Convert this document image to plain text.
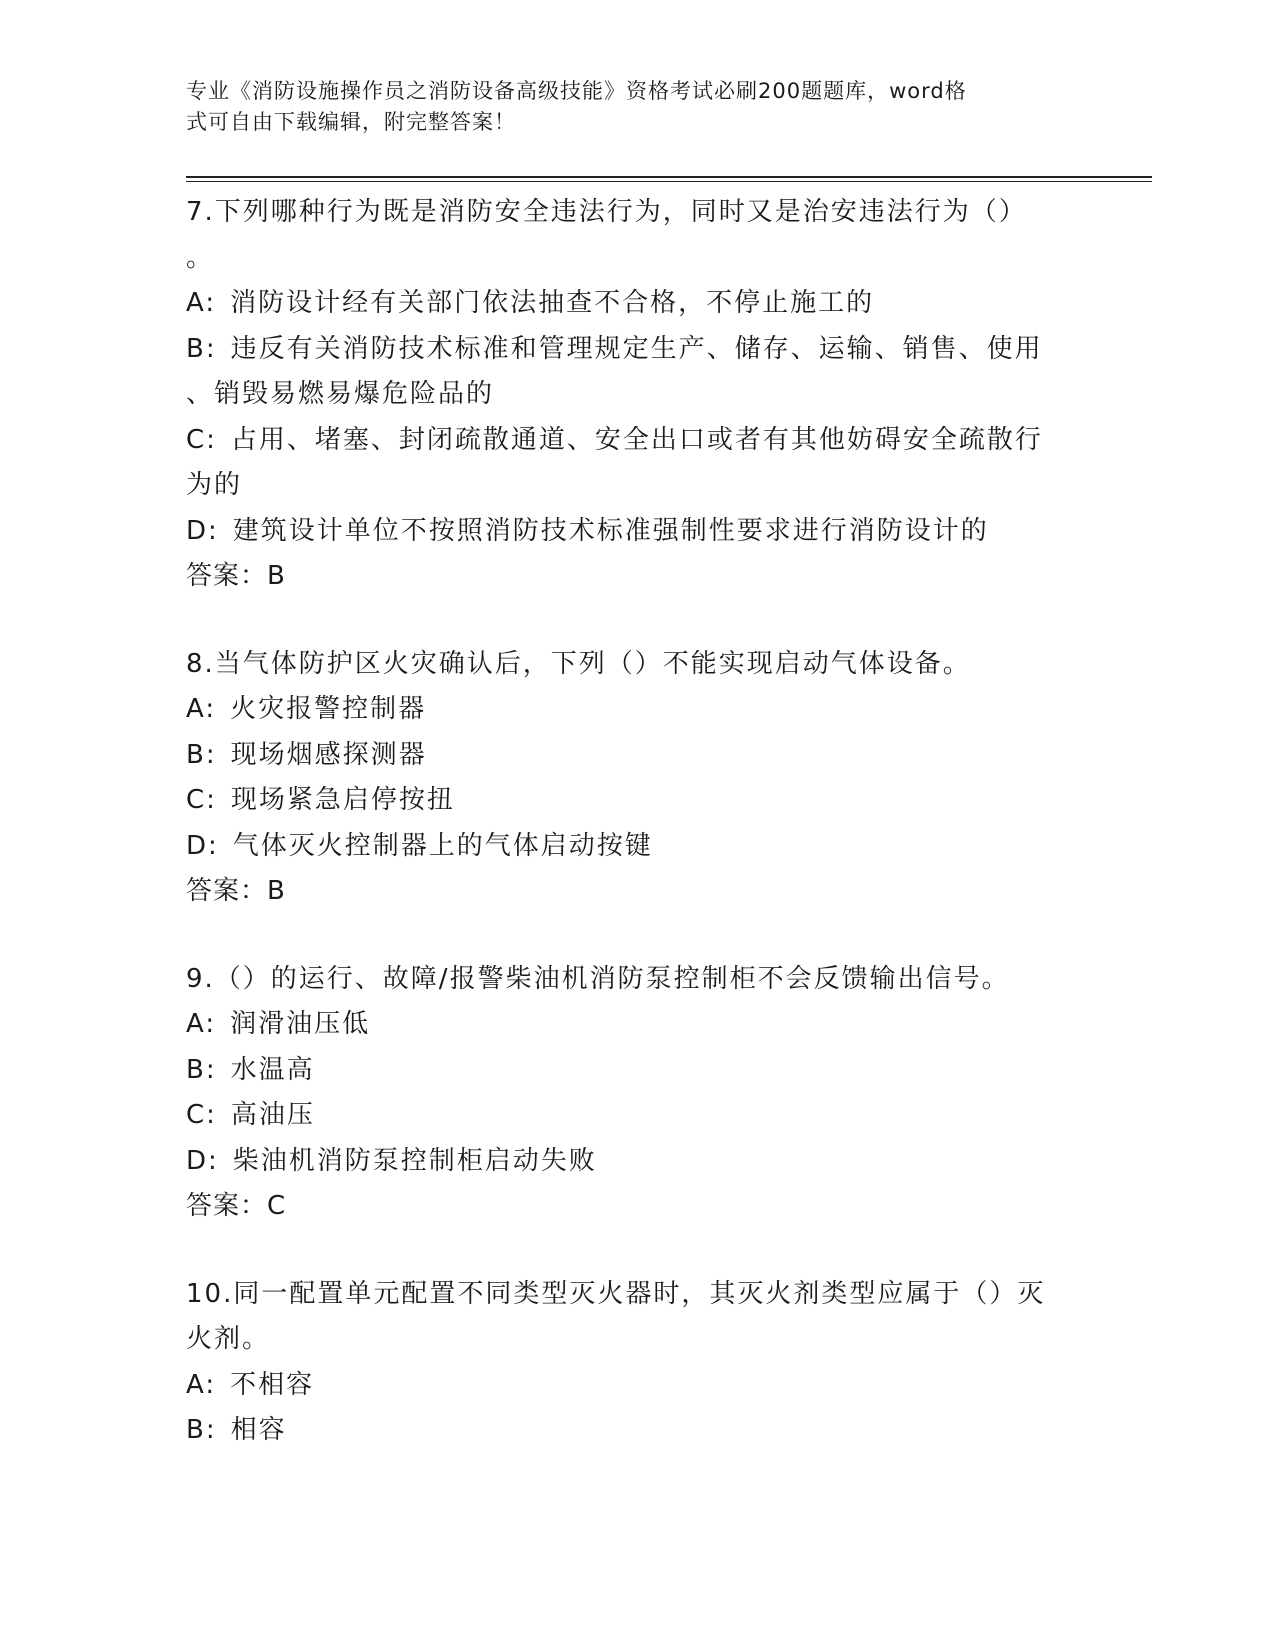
专业《消防设施操作员之消防设备高级技能》资格考试必刷200题题库，word格
式可自由下载编辑，附完整答案！
7.下列哪种行为既是消防安全违法行为，同时又是治安违法行为（）
。
A: 消防设计经有关部门依法抽查不合格，不停止施工的
B: 违反有关消防技术标准和管理规定生产、储存、运输、销售、使用
、销毁易燃易爆危险品的
C: 占用、堵塞、封闭疏散通道、安全出口或者有其他妨碍安全疏散行
为的
D: 建筑设计单位不按照消防技术标准强制性要求进行消防设计的
答案：B
8.当气体防护区火灾确认后，下列（）不能实现启动气体设备。
A: 火灾报警控制器
B: 现场烟感探测器
C: 现场紧急启停按扭
D: 气体灭火控制器上的气体启动按键
答案：B
9.（）的运行、故障/报警柴油机消防泵控制柜不会反馈输出信号。
A: 润滑油压低
B: 水温高
C: 高油压
D: 柴油机消防泵控制柜启动失败
答案：C
10.同一配置单元配置不同类型灭火器时，其灭火剂类型应属于（）灭
火剂。
A: 不相容
B: 相容
